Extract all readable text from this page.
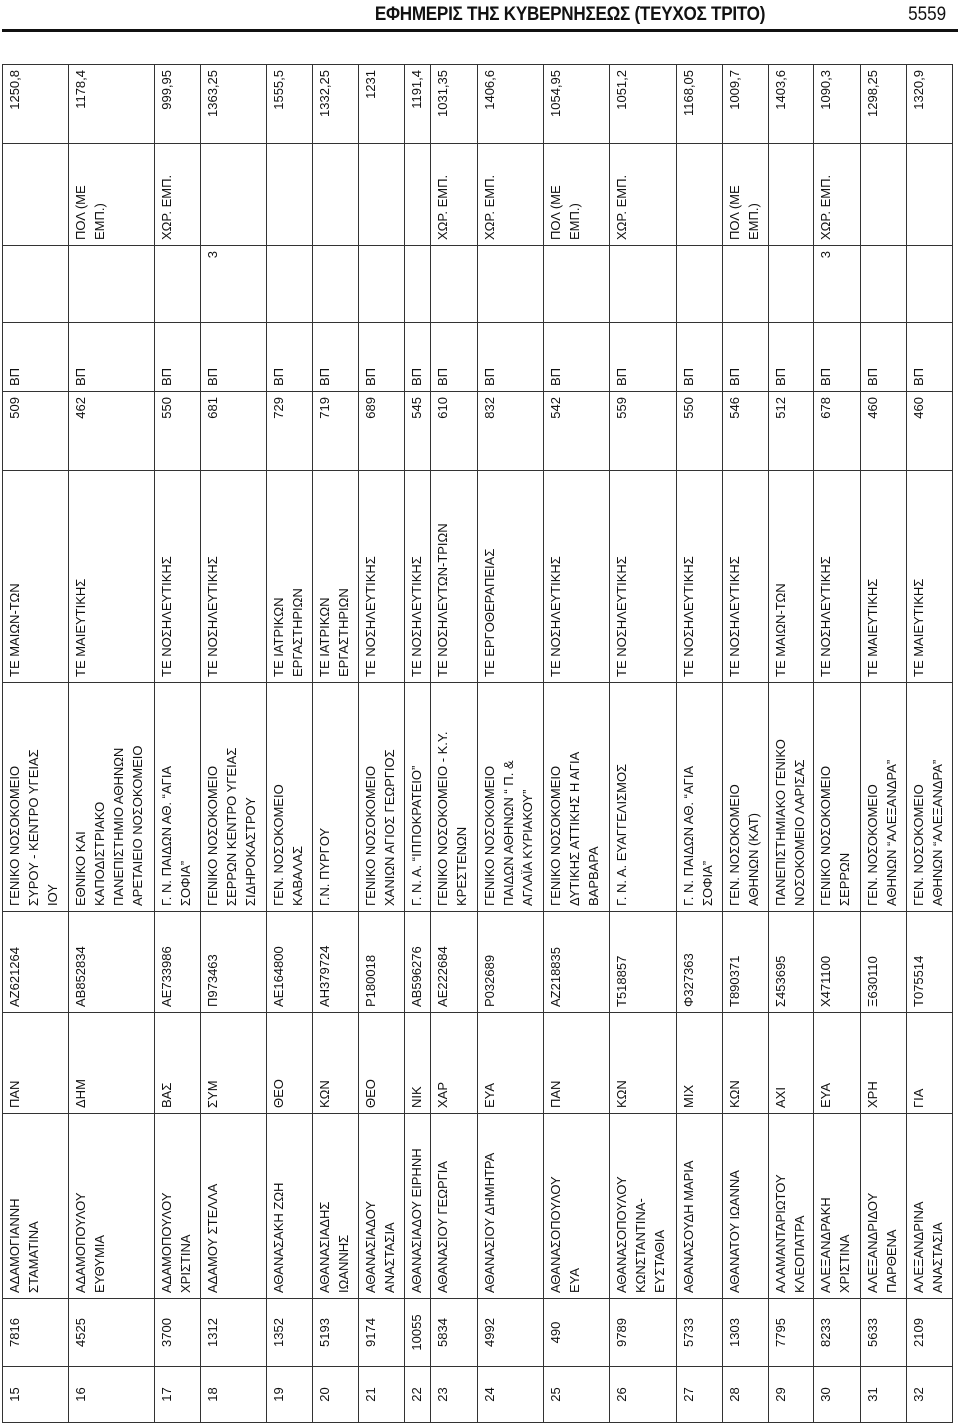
ΕΦΗΜΕΡΙΣ ΤΗΣ ΚΥΒΕΡΝΗΣΕΩΣ (ΤΕΥΧΟΣ ΤΡΙΤΟ)	5559
15	7816	ΑΔΑΜΟΓΙΑΝΝΗ
ΣΤΑΜΑΤΙΝΑ	ΠΑΝ	ΑΖ621264	ΓΕΝΙΚΟ ΝΟΣΟΚΟΜΕΙΟ
ΣΥΡΟΥ - ΚΕΝΤΡΟ ΥΓΕΙΑΣ
ΙΟΥ	ΤΕ ΜΑΙΩΝ-ΤΩΝ	509	ΒΠ			1250,8
16	4525	ΑΔΑΜΟΠΟΥΛΟΥ
ΕΥΘΥΜΙΑ	ΔΗΜ	ΑΒ852834	ΕΘΝΙΚΟ ΚΑΙ
ΚΑΠΟΔΙΣΤΡΙΑΚΟ
ΠΑΝΕΠΙΣΤΗΜΙΟ ΑΘΗΝΩΝ
ΑΡΕΤΑΙΕΙΟ ΝΟΣΟΚΟΜΕΙΟ	ΤΕ ΜΑΙΕΥΤΙΚΗΣ	462	ΒΠ		ΠΟΛ (ΜΕ
ΕΜΠ.)	1178,4
17	3700	ΑΔΑΜΟΠΟΥΛΟΥ
ΧΡΙΣΤΙΝΑ	ΒΑΣ	ΑΕ733986	Γ. Ν. ΠΑΙΔΩΝ ΑΘ. “ΑΓΙΑ
ΣΟΦΙΑ”	ΤΕ ΝΟΣΗΛΕΥΤΙΚΗΣ	550	ΒΠ		ΧΩΡ. ΕΜΠ.	999,95
18	1312	ΑΔΑΜΟΥ ΣΤΕΛΛΑ	ΣΥΜ	Π973463	ΓΕΝΙΚΟ ΝΟΣΟΚΟΜΕΙΟ
ΣΕΡΡΩΝ ΚΕΝΤΡΟ ΥΓΕΙΑΣ
ΣΙΔΗΡΟΚΑΣΤΡΟΥ	ΤΕ ΝΟΣΗΛΕΥΤΙΚΗΣ	681	ΒΠ	3		1363,25
19	1352	ΑΘΑΝΑΣΑΚΗ ΖΩΗ	ΘΕΟ	ΑΕ164800	ΓΕΝ. ΝΟΣΟΚΟΜΕΙΟ
ΚΑΒΑΛΑΣ	ΤΕ ΙΑΤΡΙΚΩΝ
ΕΡΓΑΣΤΗΡΙΩΝ	729	ΒΠ			1555,5
20	5193	ΑΘΑΝΑΣΙΑΔΗΣ
ΙΩΑΝΝΗΣ	ΚΩΝ	ΑΗ379724	Γ.Ν. ΠΥΡΓΟΥ	ΤΕ ΙΑΤΡΙΚΩΝ
ΕΡΓΑΣΤΗΡΙΩΝ	719	ΒΠ			1332,25
21	9174	ΑΘΑΝΑΣΙΑΔΟΥ
ΑΝΑΣΤΑΣΙΑ	ΘΕΟ	Ρ180018	ΓΕΝΙΚΟ ΝΟΣΟΚΟΜΕΙΟ
ΧΑΝΙΩΝ ΑΓΙΟΣ ΓΕΩΡΓΙΟΣ	ΤΕ ΝΟΣΗΛΕΥΤΙΚΗΣ	689	ΒΠ			1231
22	10055	ΑΘΑΝΑΣΙΑΔΟΥ ΕΙΡΗΝΗ	ΝΙΚ	ΑΒ596276	Γ. Ν. Α. “ΙΠΠΟΚΡΑΤΕΙΟ”	ΤΕ ΝΟΣΗΛΕΥΤΙΚΗΣ	545	ΒΠ			1191,4
23	5834	ΑΘΑΝΑΣΙΟΥ ΓΕΩΡΓΙΑ	ΧΑΡ	ΑΕ222684	ΓΕΝΙΚΟ ΝΟΣΟΚΟΜΕΙΟ - Κ.Υ.
ΚΡΕΣΤΕΝΩΝ	ΤΕ ΝΟΣΗΛΕΥΤΩΝ-ΤΡΙΩΝ	610	ΒΠ		ΧΩΡ. ΕΜΠ.	1031,35
24	4992	ΑΘΑΝΑΣΙΟΥ ΔΗΜΗΤΡΑ	ΕΥΑ	Ρ032689	ΓΕΝΙΚΟ ΝΟΣΟΚΟΜΕΙΟ
ΠΑΙΔΩΝ ΑΘΗΝΩΝ “ Π. &
ΑΓΛΑΪΑ ΚΥΡΙΑΚΟΥ”	ΤΕ ΕΡΓΟΘΕΡΑΠΕΙΑΣ	832	ΒΠ		ΧΩΡ. ΕΜΠ.	1406,6
25	490	ΑΘΑΝΑΣΟΠΟΥΛΟΥ
ΕΥΑ	ΠΑΝ	ΑΖ218835	ΓΕΝΙΚΟ ΝΟΣΟΚΟΜΕΙΟ
ΔΥΤΙΚΗΣ ΑΤΤΙΚΗΣ Η ΑΓΙΑ
ΒΑΡΒΑΡΑ	ΤΕ ΝΟΣΗΛΕΥΤΙΚΗΣ	542	ΒΠ		ΠΟΛ (ΜΕ
ΕΜΠ.)	1054,95
26	9789	ΑΘΑΝΑΣΟΠΟΥΛΟΥ
ΚΩΝΣΤΑΝΤΙΝΑ-
ΕΥΣΤΑΘΙΑ	ΚΩΝ	Τ518857	Γ. Ν. Α. ΕΥΑΓΓΕΛΙΣΜΟΣ	ΤΕ ΝΟΣΗΛΕΥΤΙΚΗΣ	559	ΒΠ		ΧΩΡ. ΕΜΠ.	1051,2
27	5733	ΑΘΑΝΑΣΟΥΔΗ ΜΑΡΙΑ	ΜΙΧ	Φ327363	Γ. Ν. ΠΑΙΔΩΝ ΑΘ. “ΑΓΙΑ
ΣΟΦΙΑ”	ΤΕ ΝΟΣΗΛΕΥΤΙΚΗΣ	550	ΒΠ			1168,05
28	1303	ΑΘΑΝΑΤΟΥ ΙΩΑΝΝΑ	ΚΩΝ	Τ890371	ΓΕΝ. ΝΟΣΟΚΟΜΕΙΟ
ΑΘΗΝΩΝ (ΚΑΤ)	ΤΕ ΝΟΣΗΛΕΥΤΙΚΗΣ	546	ΒΠ		ΠΟΛ (ΜΕ
ΕΜΠ.)	1009,7
29	7795	ΑΛΑΜΑΝΤΑΡΙΩΤΟΥ
ΚΛΕΟΠΑΤΡΑ	ΑΧΙ	Σ453695	ΠΑΝΕΠΙΣΤΗΜΙΑΚΟ ΓΕΝΙΚΟ
ΝΟΣΟΚΟΜΕΙΟ ΛΑΡΙΣΑΣ	ΤΕ ΜΑΙΩΝ-ΤΩΝ	512	ΒΠ			1403,6
30	8233	ΑΛΕΞΑΝΔΡΑΚΗ
ΧΡΙΣΤΙΝΑ	ΕΥΑ	Χ471100	ΓΕΝΙΚΟ ΝΟΣΟΚΟΜΕΙΟ
ΣΕΡΡΩΝ	ΤΕ ΝΟΣΗΛΕΥΤΙΚΗΣ	678	ΒΠ	3	ΧΩΡ. ΕΜΠ.	1090,3
31	5633	ΑΛΕΞΑΝΔΡΙΔΟΥ
ΠΑΡΘΕΝΑ	ΧΡΗ	Ξ630110	ΓΕΝ. ΝΟΣΟΚΟΜΕΙΟ
ΑΘΗΝΩΝ “ΑΛΕΞΑΝΔΡΑ”	ΤΕ ΜΑΙΕΥΤΙΚΗΣ	460	ΒΠ			1298,25
32	2109	ΑΛΕΞΑΝΔΡΙΝΑ
ΑΝΑΣΤΑΣΙΑ	ΓΙΑ	Τ075514	ΓΕΝ. ΝΟΣΟΚΟΜΕΙΟ
ΑΘΗΝΩΝ “ΑΛΕΞΑΝΔΡΑ”	ΤΕ ΜΑΙΕΥΤΙΚΗΣ	460	ΒΠ			1320,9
